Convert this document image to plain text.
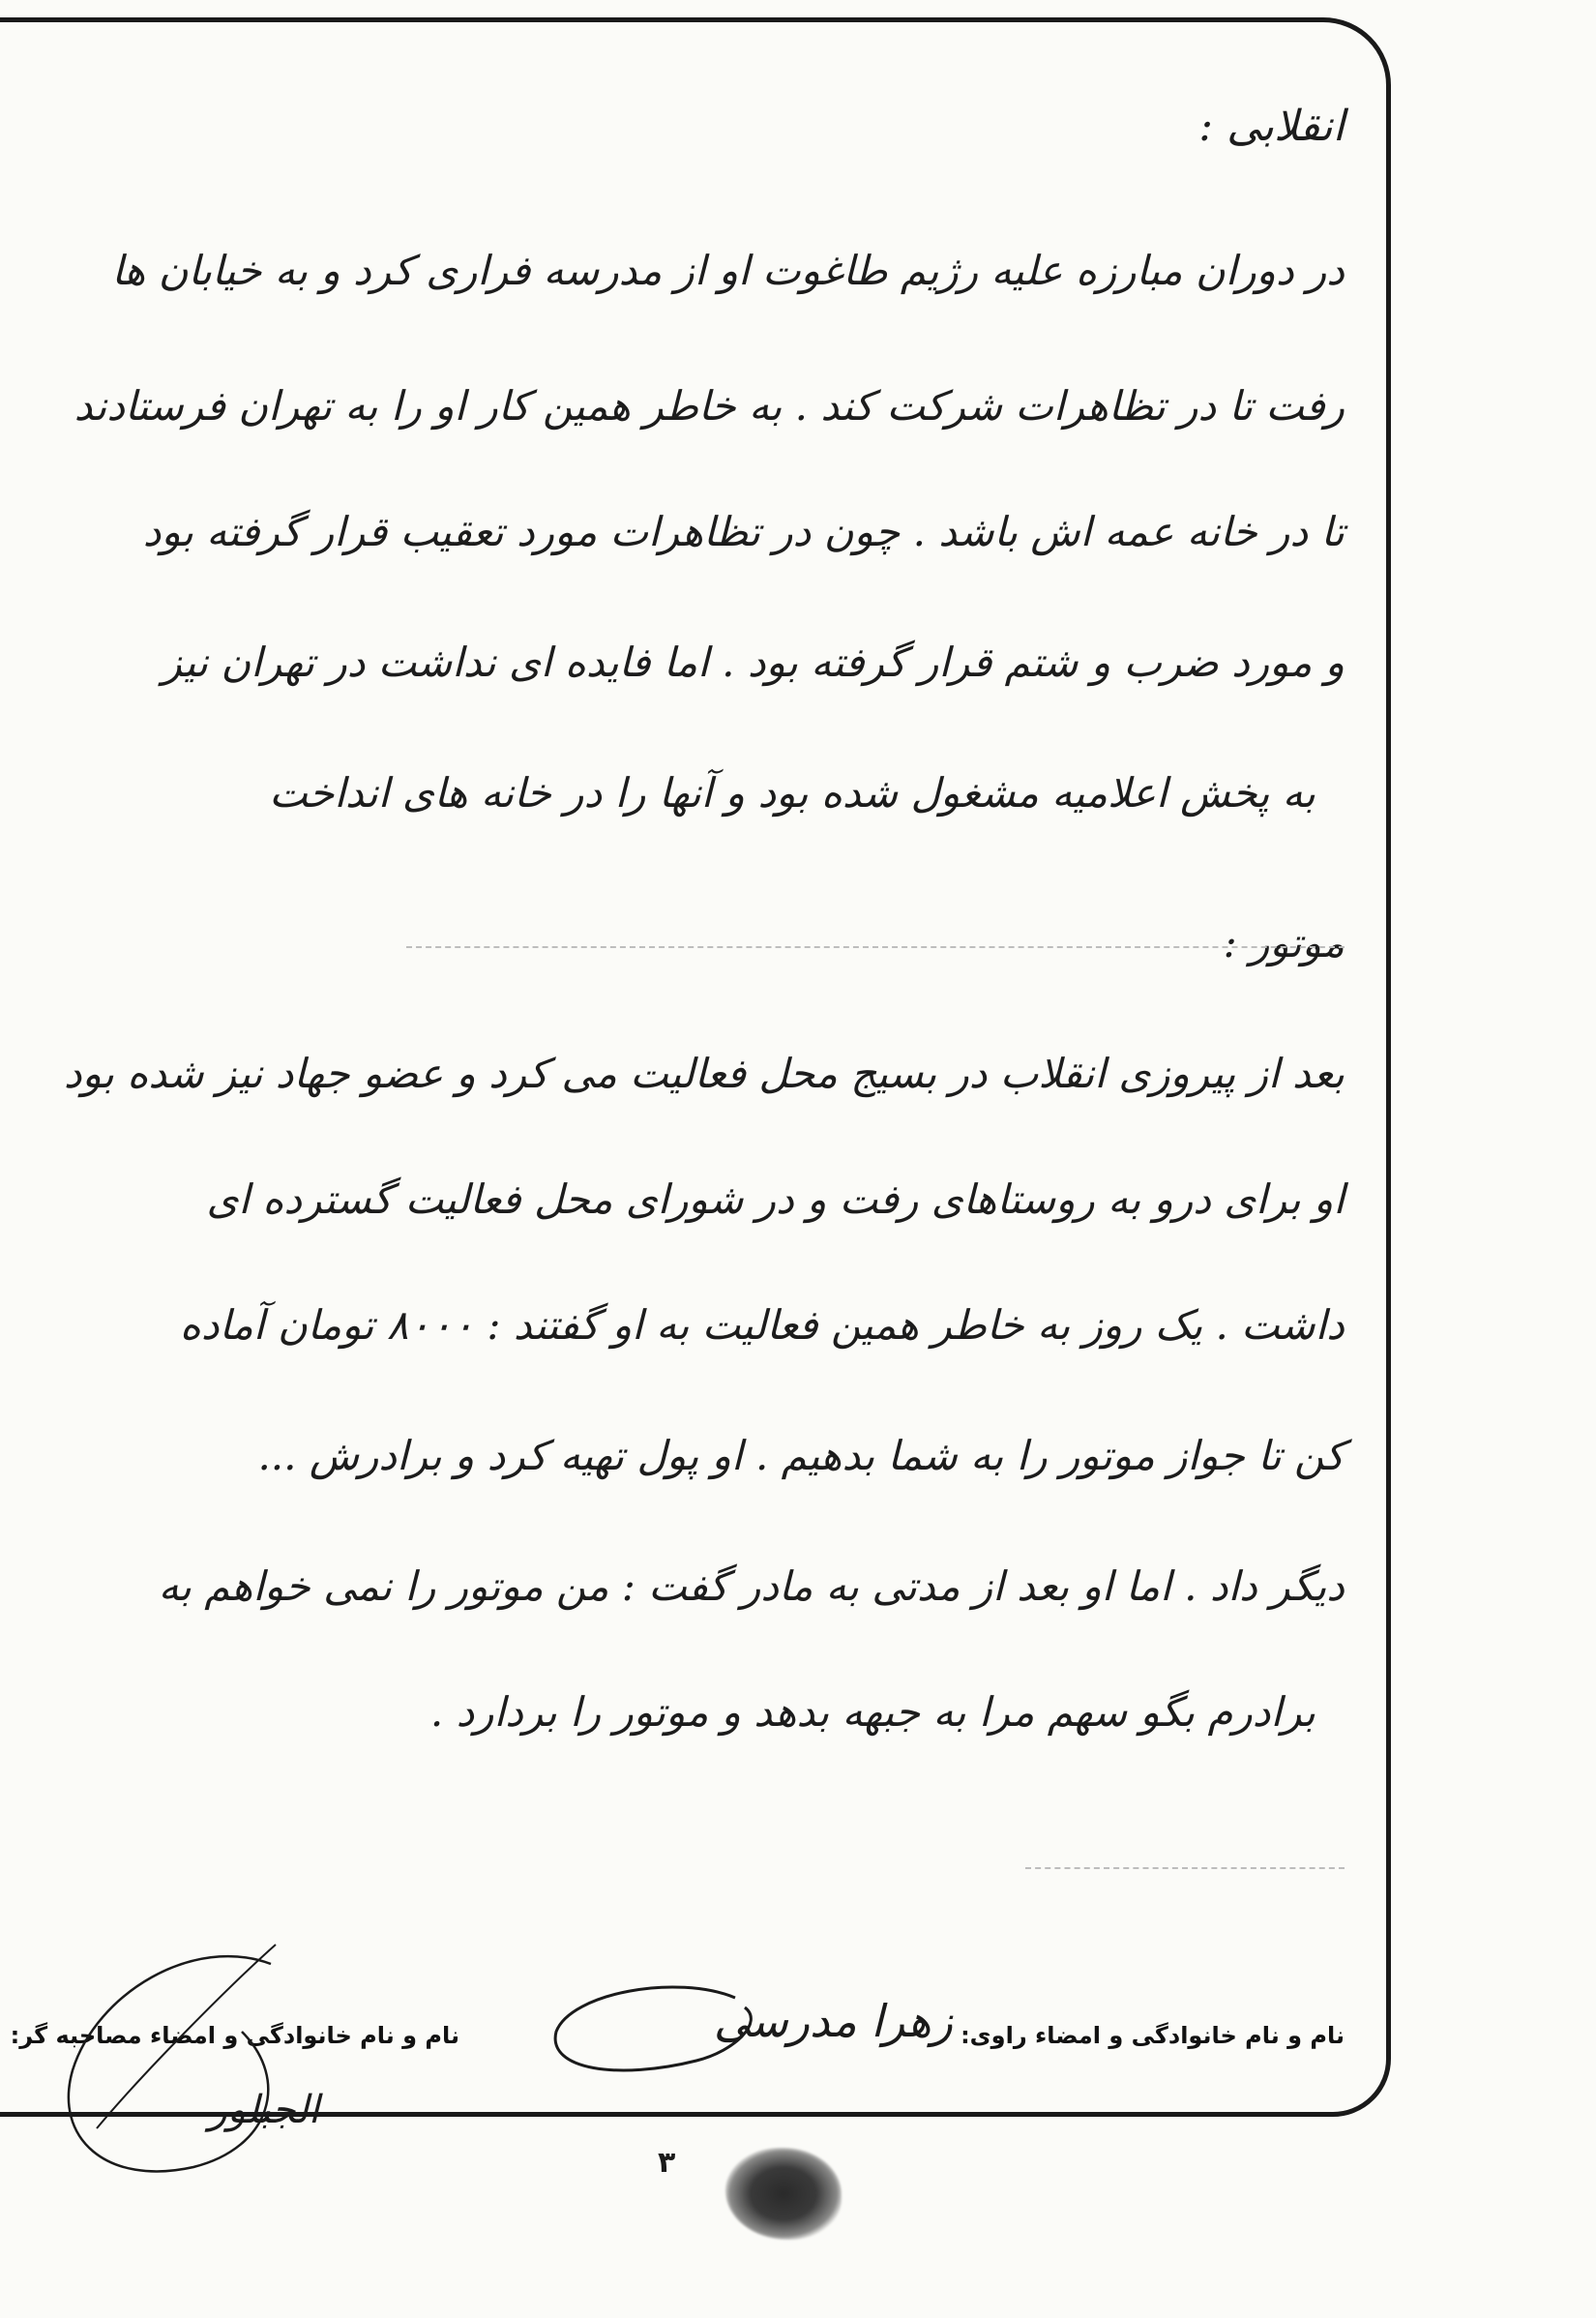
انقلابی :
در دوران مبارزه علیه رژیم طاغوت او از مدرسه فراری کرد و به خیابان ها
رفت تا در تظاهرات شرکت کند . به خاطر همین کار او را به تهران فرستادند
تا در خانه عمه اش باشد . چون در تظاهرات مورد تعقیب قرار گرفته بود
و مورد ضرب و شتم قرار گرفته بود . اما فایده ای نداشت در تهران نیز
به پخش اعلامیه مشغول شده بود و آنها را در خانه های انداخت
موتور :
بعد از پیروزی انقلاب در بسیج محل فعالیت می کرد و عضو جهاد نیز شده بود
او برای درو به روستاهای رفت و در شورای محل فعالیت گسترده ای
داشت . یک روز به خاطر همین فعالیت به او گفتند : ۸۰۰۰ تومان آماده
کن تا جواز موتور را به شما بدهیم . او پول تهیه کرد و برادرش ...
دیگر داد . اما او بعد از مدتی به مادر گفت : من موتور را نمی خواهم به
برادرم بگو سهم مرا به جبهه بدهد و موتور را بردارد .
نام و نام خانوادگی و امضاء راوی:
نام و نام خانوادگی و امضاء مصاحبه گر:	زهرا مدرسی
الجبلور
۳
